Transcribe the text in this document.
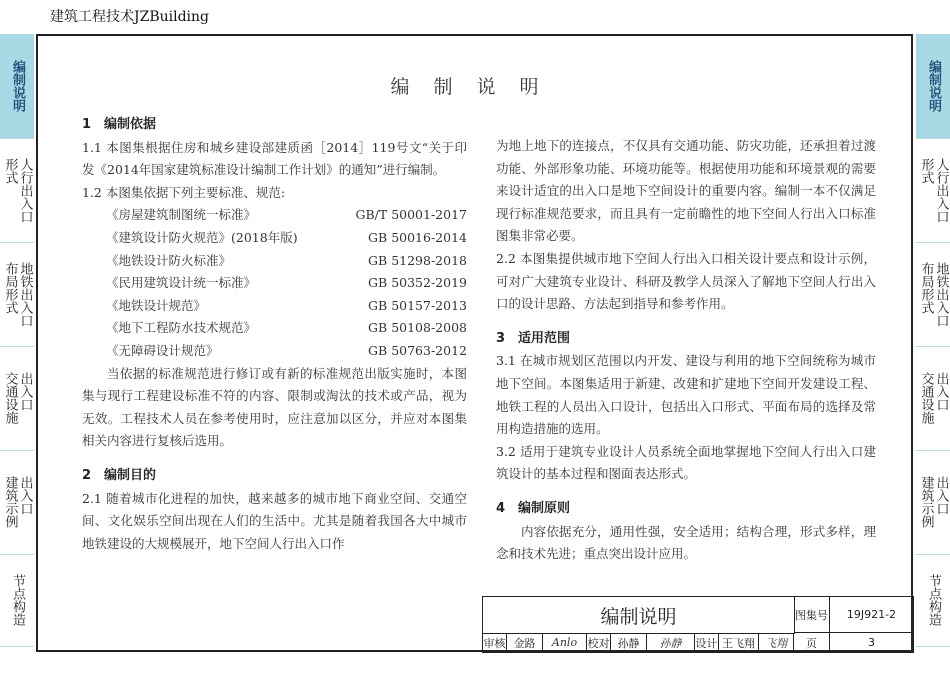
建筑工程技术JZBuilding
编制说明
人行出入口
形式
地铁出入口
布局形式
出入口
交通设施
出入口
建筑示例
节点构造
编制说明
人行出入口
形式
地铁出入口
布局形式
出入口
交通设施
出入口
建筑示例
节点构造
编制说明
1　编制依据

1.1 本图集根据住房和城乡建设部建质函［2014］119号文“关于印发《2014年国家建筑标准设计编制工作计划》的通知”进行编制。

1.2 本图集依据下列主要标准、规范:

《房屋建筑制图统一标准》	GB/T 50001-2017
《建筑设计防火规范》(2018年版)	GB 50016-2014
《地铁设计防火标准》	GB 51298-2018
《民用建筑设计统一标准》	GB 50352-2019
《地铁设计规范》	GB 50157-2013
《地下工程防水技术规范》	GB 50108-2008
《无障碍设计规范》	GB 50763-2012

当依据的标准规范进行修订或有新的标准规范出版实施时，本图集与现行工程建设标准不符的内容、限制或淘汰的技术或产品，视为无效。工程技术人员在参考使用时，应注意加以区分，并应对本图集相关内容进行复核后选用。

2　编制目的

2.1 随着城市化进程的加快，越来越多的城市地下商业空间、交通空间、文化娱乐空间出现在人们的生活中。尤其是随着我国各大中城市地铁建设的大规模展开，地下空间人行出入口作

为地上地下的连接点，不仅具有交通功能、防灾功能，还承担着过渡功能、外部形象功能、环境功能等。根据使用功能和环境景观的需要来设计适宜的出入口是地下空间设计的重要内容。编制一本不仅满足现行标准规范要求，而且具有一定前瞻性的地下空间人行出入口标准图集非常必要。

2.2 本图集提供城市地下空间人行出入口相关设计要点和设计示例，可对广大建筑专业设计、科研及教学人员深入了解地下空间人行出入口的设计思路、方法起到指导和参考作用。

3　适用范围

3.1 在城市规划区范围以内开发、建设与利用的地下空间统称为城市地下空间。本图集适用于新建、改建和扩建地下空间开发建设工程、地铁工程的人员出入口设计，包括出入口形式、平面布局的选择及常用构造措施的选用。

3.2 适用于建筑专业设计人员系统全面地掌握地下空间人行出入口建筑设计的基本过程和图面表达形式。

4　编制原则

内容依据充分，通用性强，安全适用；结构合理，形式多样，理念和技术先进；重点突出设计应用。

编制说明	图集号	19J921-2
审核 金路	Anlo 校对 孙静	孙静	设计 王飞翔 飞翔	页	3
